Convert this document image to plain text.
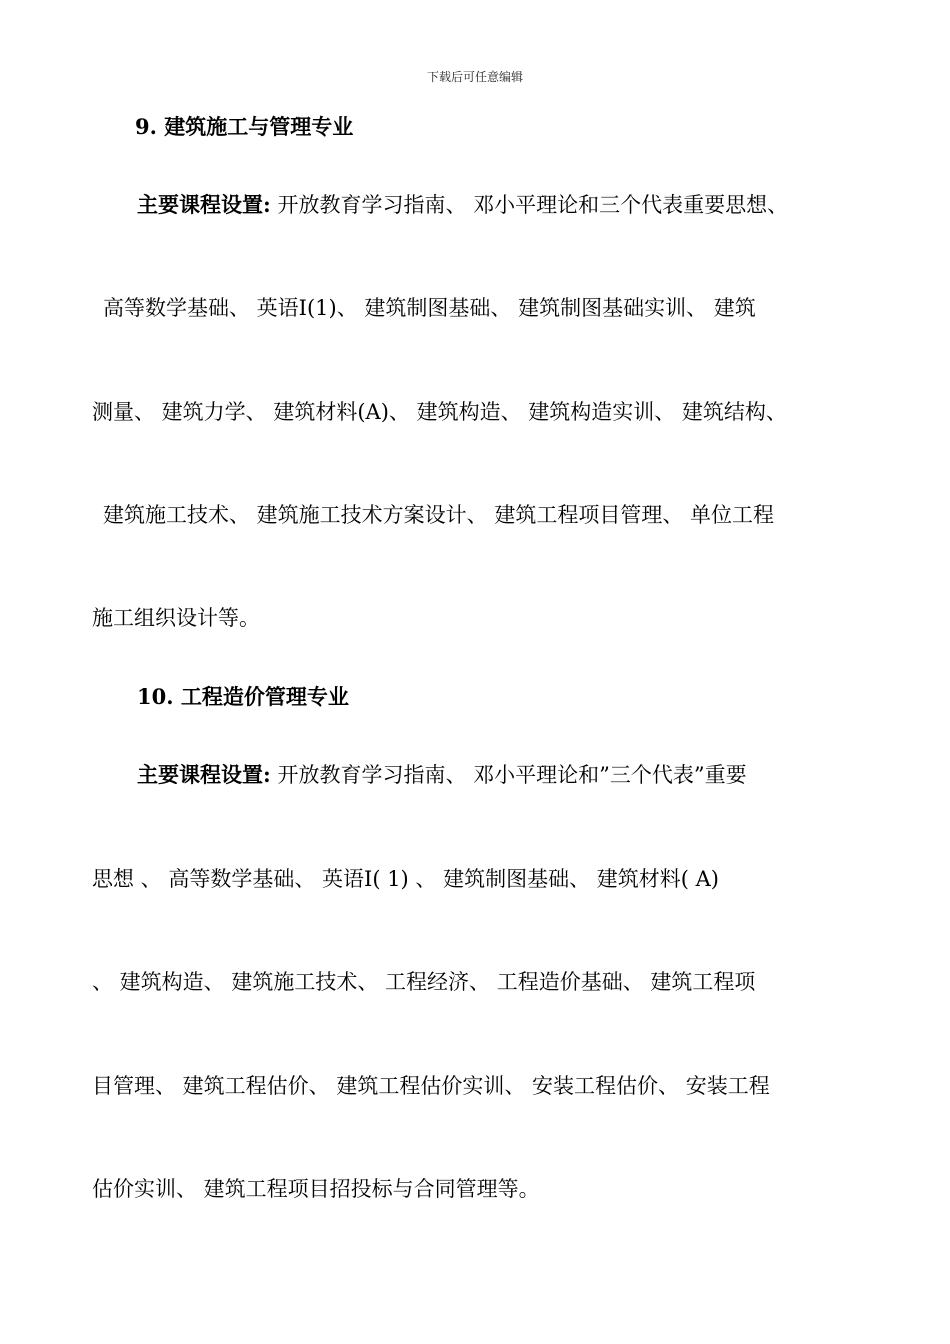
下载后可任意编辑
9. 建筑施工与管理专业
主要课程设置: 开放教育学习指南、 邓小平理论和三个代表重要思想、
高等数学基础、 英语Ⅰ(1)、 建筑制图基础、 建筑制图基础实训、 建筑
测量、 建筑力学、 建筑材料(A)、 建筑构造、 建筑构造实训、 建筑结构、
建筑施工技术、 建筑施工技术方案设计、 建筑工程项目管理、 单位工程
施工组织设计等。
10. 工程造价管理专业
主要课程设置: 开放教育学习指南、 邓小平理论和”三个代表”重要
思想 、 高等数学基础、 英语Ⅰ( 1) 、 建筑制图基础、 建筑材料( A)
、 建筑构造、 建筑施工技术、 工程经济、 工程造价基础、 建筑工程项
目管理、 建筑工程估价、 建筑工程估价实训、 安装工程估价、 安装工程
估价实训、 建筑工程项目招投标与合同管理等。
